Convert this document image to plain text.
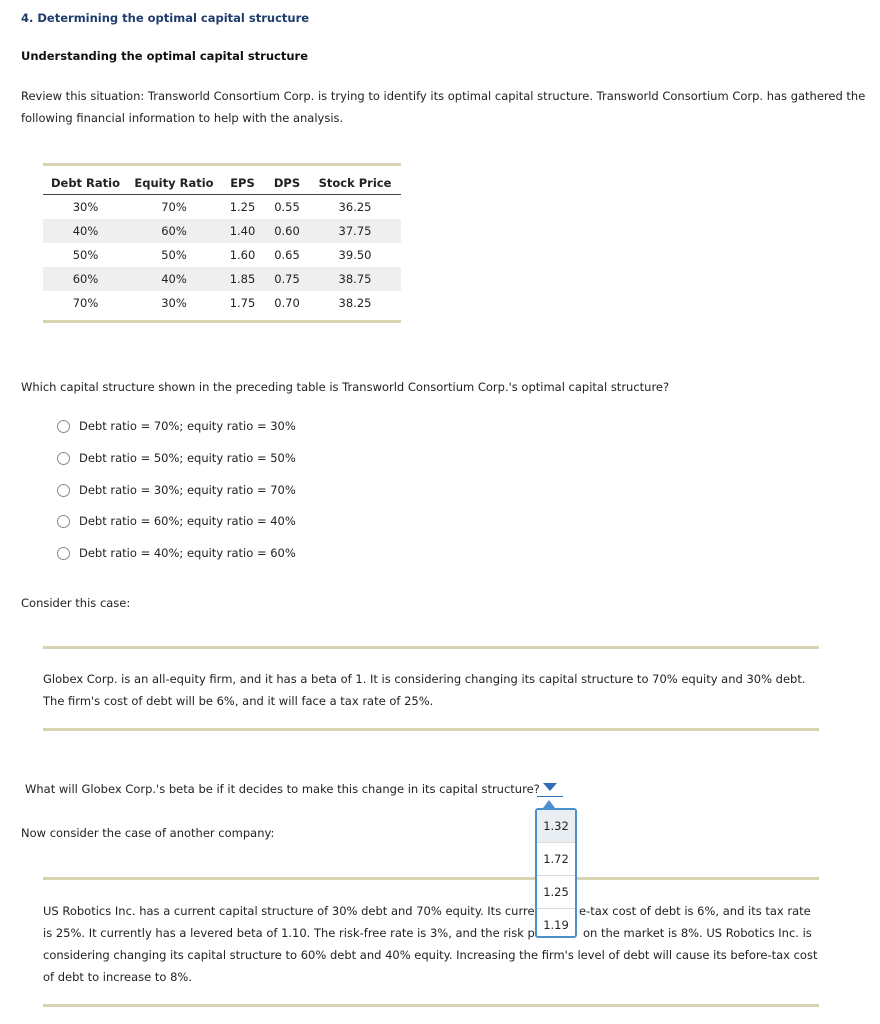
4. Determining the optimal capital structure
Understanding the optimal capital structure
Review this situation: Transworld Consortium Corp. is trying to identify its optimal capital structure. Transworld Consortium Corp. has gathered the
following financial information to help with the analysis.
Debt Ratio	Equity Ratio	EPS	DPS	Stock Price
30%	70%	1.25	0.55	36.25
40%	60%	1.40	0.60	37.75
50%	50%	1.60	0.65	39.50
60%	40%	1.85	0.75	38.75
70%	30%	1.75	0.70	38.25
Which capital structure shown in the preceding table is Transworld Consortium Corp.'s optimal capital structure?
Debt ratio = 70%; equity ratio = 30%
Debt ratio = 50%; equity ratio = 50%
Debt ratio = 30%; equity ratio = 70%
Debt ratio = 60%; equity ratio = 40%
Debt ratio = 40%; equity ratio = 60%
Consider this case:
Globex Corp. is an all-equity firm, and it has a beta of 1. It is considering changing its capital structure to 70% equity and 30% debt.
The firm's cost of debt will be 6%, and it will face a tax rate of 25%.
What will Globex Corp.'s beta be if it decides to make this change in its capital structure?
Now consider the case of another company:
US Robotics Inc. has a current capital structure of 30% debt and 70% equity. Its curre	e-tax cost of debt is 6%, and its tax rate
is 25%. It currently has a levered beta of 1.10. The risk-free rate is 3%, and the risk p	on the market is 8%. US Robotics Inc. is
considering changing its capital structure to 60% debt and 40% equity. Increasing the firm's level of debt will cause its before-tax cost
of debt to increase to 8%.
1.32
1.72
1.25
1.19
